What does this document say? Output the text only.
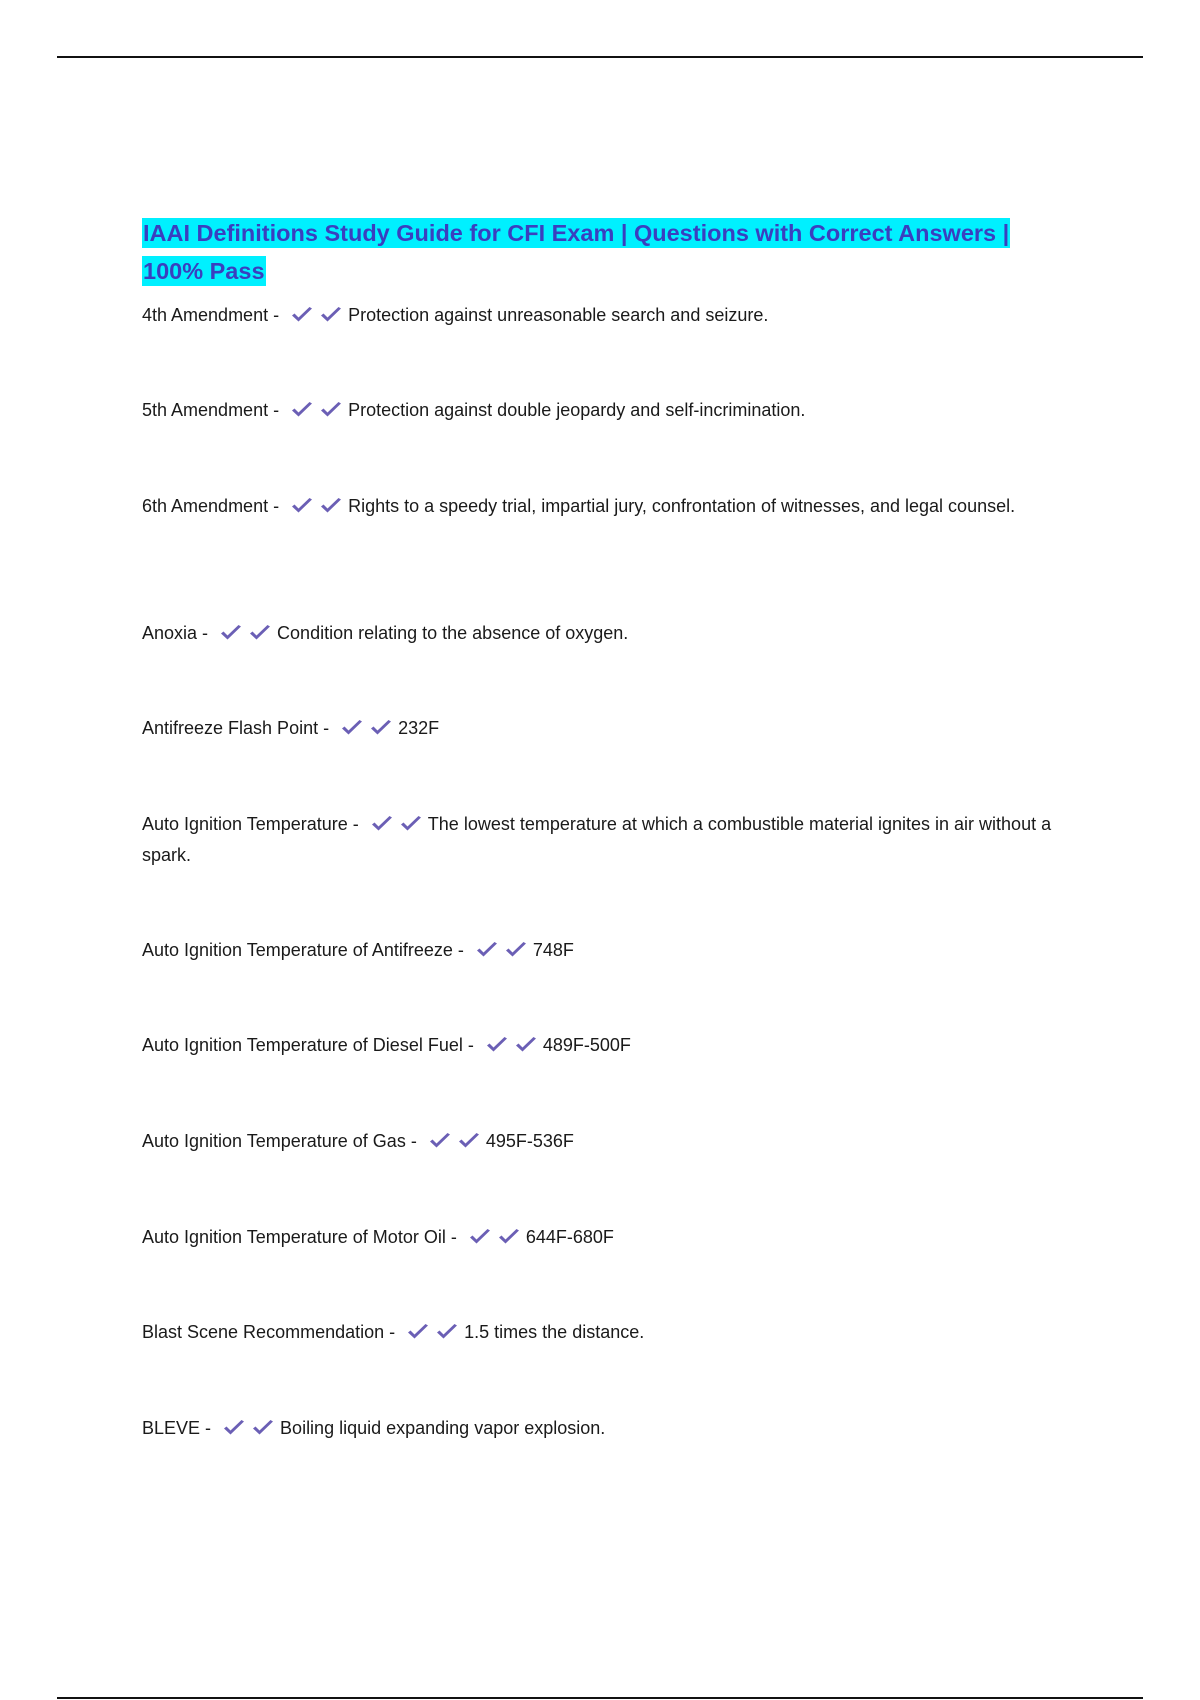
IAAI Definitions Study Guide for CFI Exam | Questions with Correct Answers | 100% Pass
4th Amendment -	Protection against unreasonable search and seizure.
5th Amendment -	Protection against double jeopardy and self-incrimination.
6th Amendment -	Rights to a speedy trial, impartial jury, confrontation of witnesses, and legal counsel.
Anoxia -	Condition relating to the absence of oxygen.
Antifreeze Flash Point -	232F
Auto Ignition Temperature -	The lowest temperature at which a combustible material ignites in air without a spark.
Auto Ignition Temperature of Antifreeze -	748F
Auto Ignition Temperature of Diesel Fuel -	489F-500F
Auto Ignition Temperature of Gas -	495F-536F
Auto Ignition Temperature of Motor Oil -	644F-680F
Blast Scene Recommendation -	1.5 times the distance.
BLEVE -	Boiling liquid expanding vapor explosion.
